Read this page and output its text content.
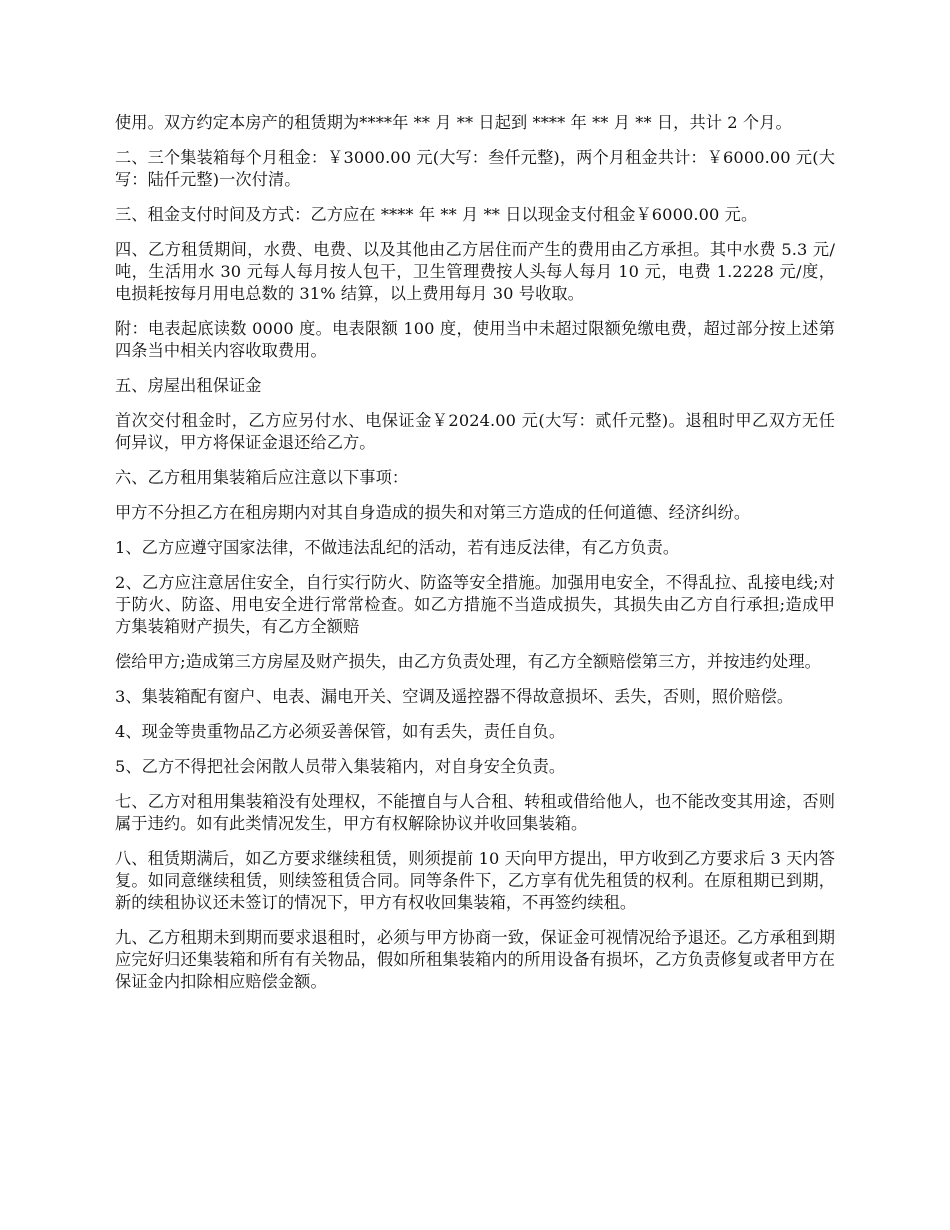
使用。双方约定本房产的租赁期为****年 ** 月 ** 日起到 **** 年 ** 月 ** 日，共计 2 个月。

二、三个集装箱每个月租金：￥3000.00 元(大写：叁仟元整)，两个月租金共计：￥6000.00 元(大写：陆仟元整)一次付清。

三、租金支付时间及方式：乙方应在 **** 年 ** 月 ** 日以现金支付租金￥6000.00 元。

四、乙方租赁期间，水费、电费、以及其他由乙方居住而产生的费用由乙方承担。其中水费 5.3 元/吨，生活用水 30 元每人每月按人包干，卫生管理费按人头每人每月 10 元，电费 1.2228 元/度，电损耗按每月用电总数的 31% 结算，以上费用每月 30 号收取。

附：电表起底读数 0000 度。电表限额 100 度，使用当中未超过限额免缴电费，超过部分按上述第四条当中相关内容收取费用。

五、房屋出租保证金

首次交付租金时，乙方应另付水、电保证金￥2024.00 元(大写：贰仟元整)。退租时甲乙双方无任何异议，甲方将保证金退还给乙方。

六、乙方租用集装箱后应注意以下事项：

甲方不分担乙方在租房期内对其自身造成的损失和对第三方造成的任何道德、经济纠纷。

1、乙方应遵守国家法律，不做违法乱纪的活动，若有违反法律，有乙方负责。

2、乙方应注意居住安全，自行实行防火、防盗等安全措施。加强用电安全，不得乱拉、乱接电线;对于防火、防盗、用电安全进行常常检查。如乙方措施不当造成损失，其损失由乙方自行承担;造成甲方集装箱财产损失，有乙方全额赔

偿给甲方;造成第三方房屋及财产损失，由乙方负责处理，有乙方全额赔偿第三方，并按违约处理。

3、集装箱配有窗户、电表、漏电开关、空调及遥控器不得故意损坏、丢失，否则，照价赔偿。

4、现金等贵重物品乙方必须妥善保管，如有丢失，责任自负。

5、乙方不得把社会闲散人员带入集装箱内，对自身安全负责。

七、乙方对租用集装箱没有处理权，不能擅自与人合租、转租或借给他人，也不能改变其用途，否则属于违约。如有此类情况发生，甲方有权解除协议并收回集装箱。

八、租赁期满后，如乙方要求继续租赁，则须提前 10 天向甲方提出，甲方收到乙方要求后 3 天内答复。如同意继续租赁，则续签租赁合同。同等条件下，乙方享有优先租赁的权利。在原租期已到期，新的续租协议还未签订的情况下，甲方有权收回集装箱，不再签约续租。

九、乙方租期未到期而要求退租时，必须与甲方协商一致，保证金可视情况给予退还。乙方承租到期应完好归还集装箱和所有有关物品，假如所租集装箱内的所用设备有损坏，乙方负责修复或者甲方在保证金内扣除相应赔偿金额。
